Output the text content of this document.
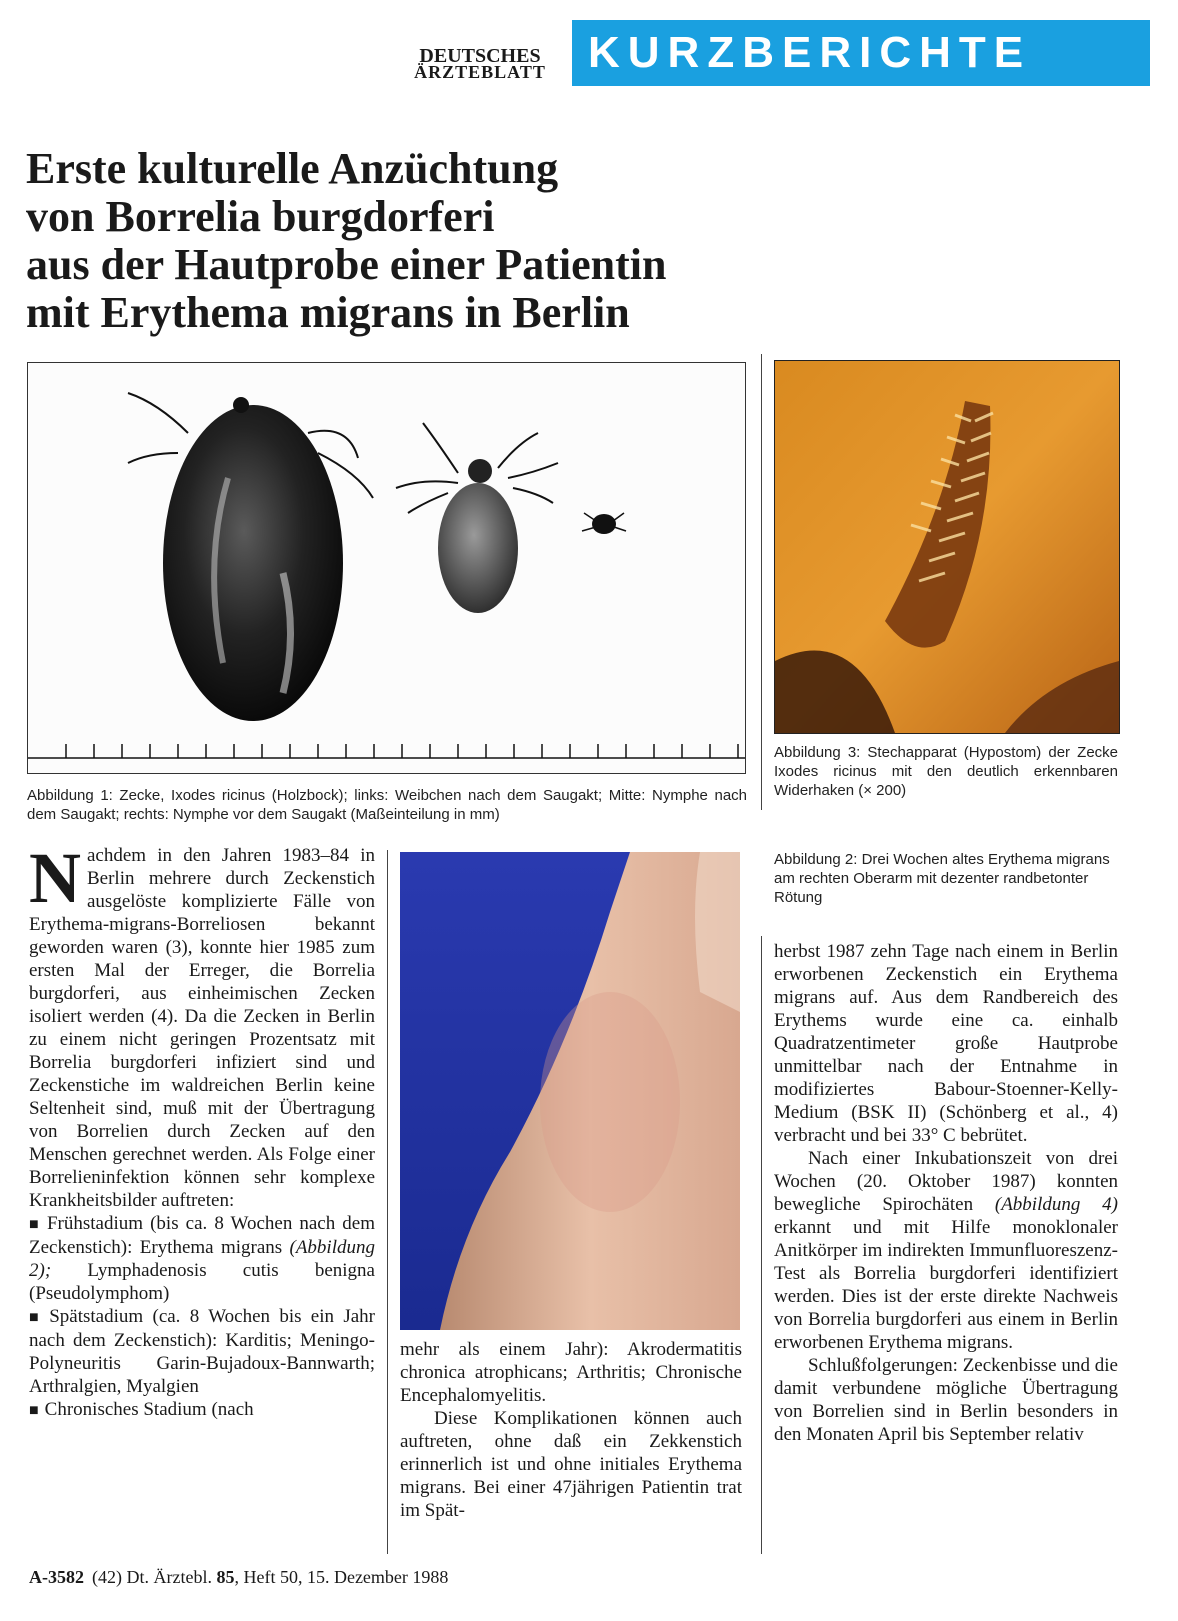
DEUTSCHES
ÄRZTEBLATT KURZBERICHTE
Erste kulturelle Anzüchtung
von Borrelia burgdorferi
aus der Hautprobe einer Patientin
mit Erythema migrans in Berlin
Abbildung 1: Zecke, Ixodes ricinus (Holzbock); links: Weibchen nach dem Saugakt; Mitte: Nymphe nach dem Saugakt; rechts: Nymphe vor dem Saugakt (Maßeinteilung in mm)
Abbildung 3: Stechapparat (Hypostom) der Zecke Ixodes ricinus mit den deutlich erkennbaren Widerhaken (× 200)
Abbildung 2: Drei Wochen altes Erythema migrans am rechten Oberarm mit dezenter randbetonter Rötung

Nachdem in den Jahren 1983–84 in Berlin mehrere durch Zeckenstich ausgelöste komplizierte Fälle von Erythema-migrans-Borreliosen bekannt geworden waren (3), konnte hier 1985 zum ersten Mal der Erreger, die Borrelia burgdorferi, aus einheimischen Zecken isoliert werden (4). Da die Zecken in Berlin zu einem nicht geringen Prozentsatz mit Borrelia burgdorferi infiziert sind und Zeckenstiche im waldreichen Berlin keine Seltenheit sind, muß mit der Übertragung von Borrelien durch Zecken auf den Menschen gerechnet werden. Als Folge einer Borrelieninfektion können sehr komplexe Krankheitsbilder auftreten:

■ Frühstadium (bis ca. 8 Wochen nach dem Zeckenstich): Erythema migrans (Abbildung 2); Lymphadenosis cutis benigna (Pseudolymphom)

■ Spätstadium (ca. 8 Wochen bis ein Jahr nach dem Zeckenstich): Karditis; Meningo-Polyneuritis Garin-Bujadoux-Bannwarth; Arthralgien, Myalgien

■ Chronisches Stadium (nach

mehr als einem Jahr): Akrodermatitis chronica atrophicans; Arthritis; Chronische Encephalomyelitis.

Diese Komplikationen können auch auftreten, ohne daß ein Zekkenstich erinnerlich ist und ohne initiales Erythema migrans. Bei einer 47jährigen Patientin trat im Spät-

herbst 1987 zehn Tage nach einem in Berlin erworbenen Zeckenstich ein Erythema migrans auf. Aus dem Randbereich des Erythems wurde eine ca. einhalb Quadratzentimeter große Hautprobe unmittelbar nach der Entnahme in modifiziertes Babour-Stoenner-Kelly-Medium (BSK II) (Schönberg et al., 4) verbracht und bei 33° C bebrütet.

Nach einer Inkubationszeit von drei Wochen (20. Oktober 1987) konnten bewegliche Spirochäten (Abbildung 4) erkannt und mit Hilfe monoklonaler Anitkörper im indirekten Immunfluoreszenz-Test als Borrelia burgdorferi identifiziert werden. Dies ist der erste direkte Nachweis von Borrelia burgdorferi aus einem in Berlin erworbenen Erythema migrans.

Schlußfolgerungen: Zeckenbisse und die damit verbundene mögliche Übertragung von Borrelien sind in Berlin besonders in den Monaten April bis September relativ

A-3582 (42) Dt. Ärztebl. 85, Heft 50, 15. Dezember 1988
